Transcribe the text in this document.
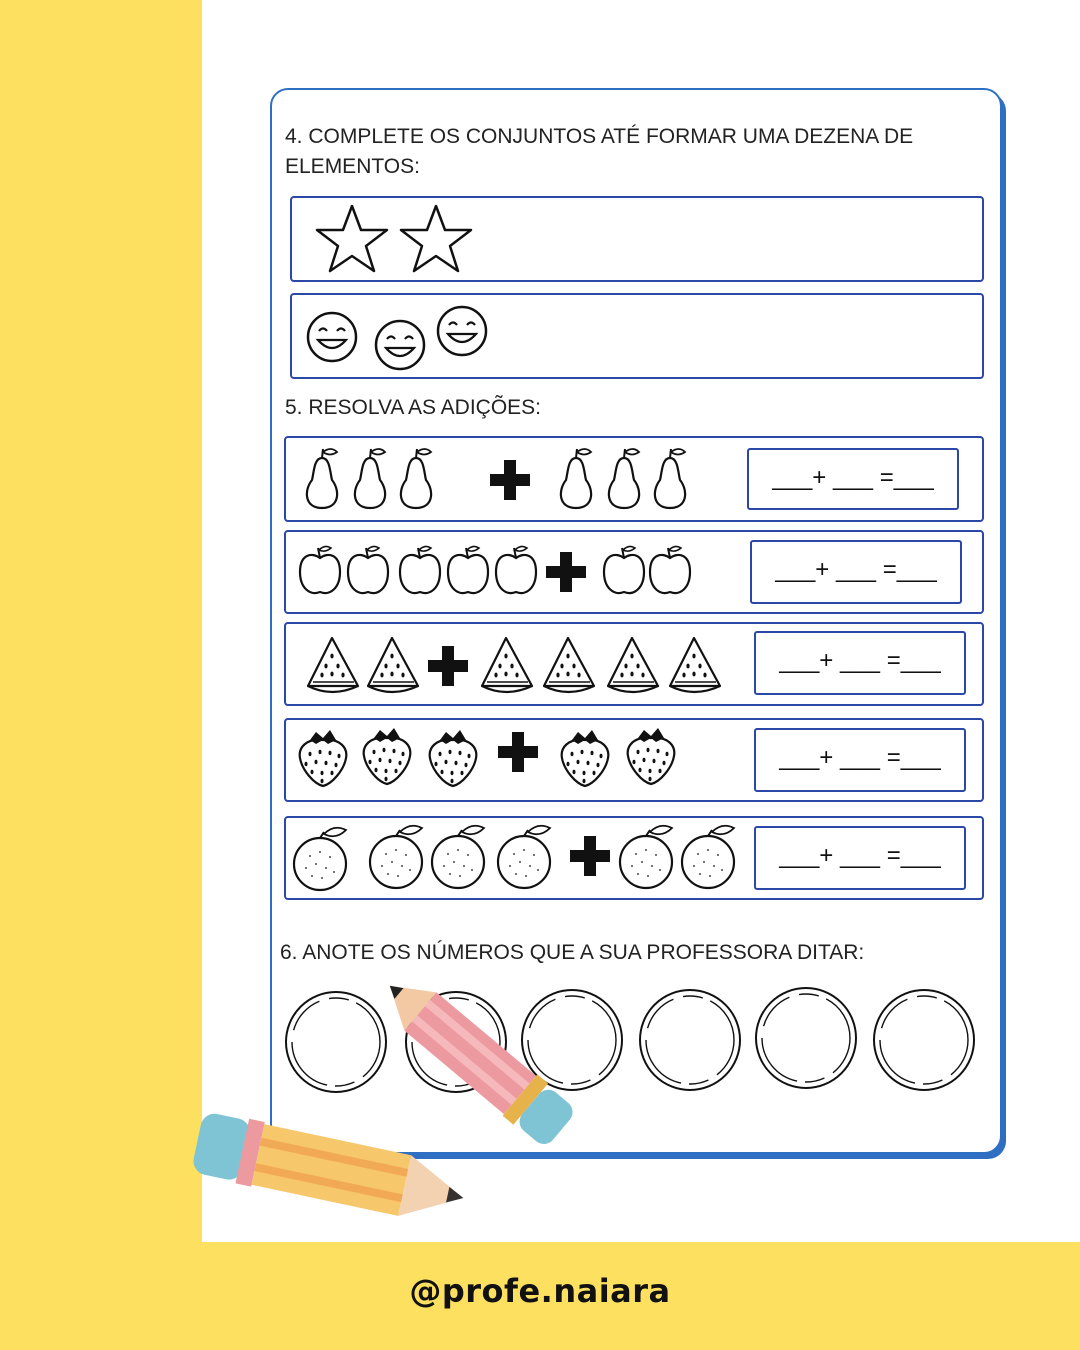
4. COMPLETE OS CONJUNTOS ATÉ FORMAR UMA DEZENA DE ELEMENTOS:
5. RESOLVA AS ADIÇÕES:
___+ ___ =___
___+ ___ =___
___+ ___ =___
___+ ___ =___
___+ ___ =___
6. ANOTE OS NÚMEROS QUE A SUA PROFESSORA DITAR:
@profe.naiara
